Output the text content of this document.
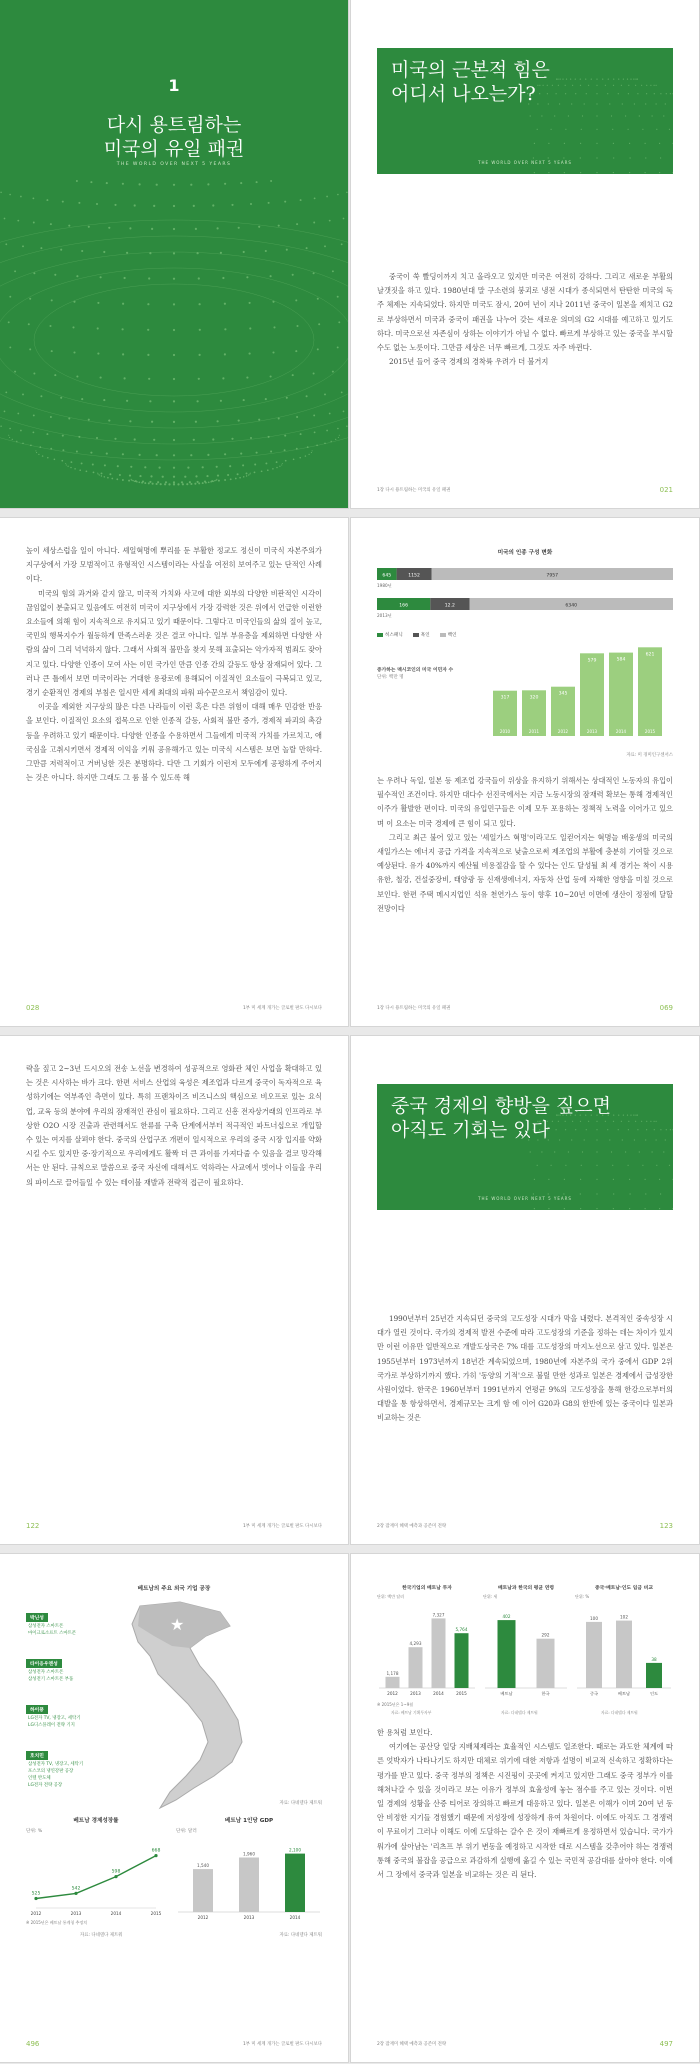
1
다시 용트림하는
미국의 유일 패권
THE WORLD OVER NEXT 5 YEARS
미국의 근본적 힘은
어디서 나오는가?
THE WORLD OVER NEXT 5 YEARS

중국이 쑥 빨딩이까지 치고 올라오고 있지만 미국은 여전히 강하다. 그리고 새로운 부활의 날갯짓을 하고 있다. 1980년대 말 구소련의 붕괴로 냉전 시대가 종식되면서 탄탄한 미국의 독주 체제는 지속되었다. 하지만 미국도 잠시, 20여 년이 지나 2011년 중국이 일본을 제치고 G2로 부상하면서 미국과 중국이 패권을 나누어 갖는 새로운 의미의 G2 시대를 예고하고 있기도 하다. 미국으로선 자존심이 상하는 이야기가 아닐 수 없다. 빠르게 부상하고 있는 중국을 부시할 수도 없는 노릇이다. 그만큼 세상은 너무 빠르게, 그것도 자주 바뀐다.

2015년 들어 중국 경제의 경착륙 우려가 더 불거지

1장 다시 용트림하는 미국의 유일 패권	021

높이 세상스럽을 일이 아니다. 셰일혁명에 뿌리를 둔 부활한 정교도 정신이 미국식 자본주의가 지구상에서 가장 모범적이고 유형적인 시스템이라는 사실을 여전히 보여주고 있는 단적인 사례이다.

미국의 힘의 과거와 같지 않고, 미국적 가치와 사고에 대한 외부의 다양한 비판적인 시각이 끊임없이 분출되고 있음에도 여전히 미국이 지구상에서 가장 강력한 것은 위에서 언급한 이런한 요소들에 의해 힘이 지속적으로 유지되고 있기 때문이다. 그렇다고 미국인들의 삶의 질이 높고, 국민의 행복지수가 월등하게 만족스러운 것은 결코 아니다. 일부 부유층을 제외하면 다양한 사람의 삶이 그리 넉넉하지 않다. 그래서 사회적 불만을 찾지 못해 표출되는 악가자적 범죄도 잦아지고 있다. 다양한 인종이 모여 사는 이민 국가인 만큼 인종 간의 갈등도 항상 잠재되어 있다. 그러나 큰 틀에서 보면 미국이라는 거대한 용광로에 용해되어 이질적인 요소들이 극복되고 있고, 경기 순환적인 경제의 부침은 일시만 세계 최대의 파워 파수꾼으로서 책임감이 있다.

이곳을 제외한 지구상의 많은 다른 나라들이 이런 혹은 다른 위험이 대해 매우 민감한 반응을 보인다. 이질적인 요소의 접목으로 인한 인종적 갈등, 사회적 불만 증가, 경제적 파괴의 촉감 등을 우려하고 있기 때문이다. 다양한 인종을 수용하면서 그들에게 미국적 가치를 가르치고, 애국심을 고취시키면서 경제적 이익을 키워 공유해가고 있는 미국식 시스템은 보면 놀랄 만하다. 그만큼 저력적이고 거버닝한 것은 분명하다. 다만 그 기회가 이런저 모두에게 공평하게 주어지는 것은 아니다. 하지만 그래도 그 룸 볼 수 있도록 해

028	1부 미 세계 개가는 글로벌 판도 다시보다
미국의 인종 구성 변화
645	1152	7957
1980년
166	12.2	6340
2013년
히스패닉	흑인	백인
증가하는 멕시코인의 미국 이민자 수
단위: 백만 명
317
2010
320
2011
345
2012
579
2013
584
2014
621
2015
자료: 미 경미인구센서스

는 우려나 독일, 일본 등 제조업 강국들이 위상을 유지하기 위해서는 상대적인 노동자의 유입이 필수적인 조건이다. 하지만 대다수 선진국에서는 지금 노동시장의 잠재력 확보는 통해 경제적인 이주가 활발한 편이다. 미국의 유입민구들은 이제 모두 포용하는 정책적 노력을 이어가고 있으며 이 요소는 미국 경제에 큰 힘이 되고 있다.

그리고 최근 불어 있고 있는 '셰일가스 혁명'이라고도 일컫어지는 혁명늘 배웅생의 미국의 새일가스는 에너지 공급 가격을 지속적으로 낮출으로써 제조업의 부활에 충분히 기여할 것으로 예상된다. 유가 40%까지 예산될 비용절감을 할 수 있다는 인도 달성될 최 세 경기는 착이 시용유한, 철강, 건설중장비, 태양광 등 신재생에너지, 자동차 산업 등에 자해한 영향을 미칠 것으로 보인다. 한편 주택 메시지업인 석유 천연가스 등이 향후 10~20년 이면에 생산이 정점에 달할 전망이다

1장 다시 용트림하는 미국의 유일 패권	069

략을 짚고 2~3년 드시오의 전송 노선을 변경하여 성공적으로 영화관 체인 사업을 확대하고 있는 것은 시사하는 바가 크다. 한편 서비스 산업의 육성은 제조업과 다르게 중국이 독자적으로 육성하기에는 역부족인 측면이 있다. 특히 프랜차이즈 비즈니스의 핵심으로 비오프로 있는 요식업, 교육 등의 분야에 우리의 잠재적인 관심이 필요하다. 그리고 신흥 전자상거래의 인프라로 부상한 O2O 시장 진출과 관련해서도 한류를 구축 단계에서부터 적극적인 파트너십으로 개입할 수 있는 여지를 살펴야 한다. 중국의 산업구조 개편이 일시적으로 우리의 중국 시장 입지를 약화시킬 수도 있지만 중·장기적으로 우리에게도 활짝 더 큰 과이를 가져다줄 수 있음을 결코 망각해서는 안 된다. 규칙으로 말씀으로 중국 자신에 대해서도 억하라는 사교에서 벗어나 이들을 우리의 파이스로 끌어들일 수 있는 테이블 재발과 전략적 접근이 필요하다.

122	1부 미 세계 개가는 글로벌 판도 다시보다
중국 경제의 향방을 짚으면
아직도 기회는 있다
THE WORLD OVER NEXT 5 YEARS

1990년부터 25년간 지속되던 중국의 고도성장 시대가 막을 내렸다. 본격적인 중속성장 시대가 열린 것이다. 국가의 경제적 발전 수준에 따라 고도성장의 기준을 정하는 데는 차이가 있지만 이런 이유만 일반적으로 개발도상국은 7% 대를 고도성장의 마지노선으로 삼고 있다. 일본은 1955년부터 1973년까지 18년간 계속되었으며, 1980년에 자본주의 국가 중에서 GDP 2위 국가로 부상하기까지 했다. 가히 '동양의 기적'으로 불릴 만한 성과로 일본은 경제에서 급성장한 사원이었다. 한국은 1960년부터 1991년까지 연평균 9%의 고도성장을 통해 한강으로부터의 대발을 통 항상하면서, 경제규모는 크게 함 에 이어 G20과 G8의 한반에 있는 중국이다 일본과 비교하는 것은

2장 잠재미 혜택 예측과 공존미 전략	123
베트남의 주요 외국 기업 공장
★
박닌성
삼성전자 스마트폰
마이크로소프트 스마트폰
타이응우옌성
삼성전자 스마트폰
삼성전기 스마트폰 부품
하이퐁
LG전자 TV, 냉장고, 세탁기
LG디스플레이 전략 기지
호치민
삼성전자 TV, 냉장고, 세탁기
포스코의 냉연강판 공장
인텔 반도체
LG전자 전략 공장
자료: 다네델다 제트워
베트남 경제성장률
단위: %
525
2012
542
2013
598
2014
668
2015
※ 2015년은 베트남 통계청 추정치
자료: 다네델다 제트워
베트남 1인당 GDP
단위: 달러
1,540
2012
1,960
2013
2,100
2014
자료: 다네델다 제트워
496	1부 미 세계 개가는 글로벌 판도 다시보다
한국기업의 베트남 투자
단위: 백만 달러
1,178
2012
4,293
2013
7,327
2014
5,764
2015
※ 2015년은 1~9월
자료: 베트남 기획투자부
베트남과 한국의 평균 연령
단위: 세
402
베트남
292
한국
자료: 다네델다 제트워
중국·베트남·인도 임금 비교
단위: %
100
중국
102
베트남
38
인도
자료: 다네델다 제트워

한 용처럼 보인다.

여기에는 공산당 일당 지배체제라는 효율적인 시스템도 일조한다. 때로는 과도한 체계에 따른 엇박자가 나타나기도 하지만 대체로 위기에 대한 저항과 설명이 비교적 신속하고 정확하다는 평가를 받고 있다. 중국 정부의 정책은 시진핑이 곳곳에 켜지고 있지만 그래도 중국 정부가 이를 해쳐나갈 수 있을 것이라고 보는 이유가 정부의 효율성에 놓는 점수를 주고 있는 것이다. 이번 일 경제의 성황을 산증 티어로 장의하고 빠르게 대응하고 있다. 일본은 이해가 이며 20여 년 동안 비정한 지기들 경험했기 때문에 저성장에 성장하게 유여 차원이다. 이에도 아직도 그 경쟁력이 무료이기 그러나 이해도 이에 도달하는 갈수 은 것이 재빠르게 용정하면서 있습니다. 국가가 워가에 살아남는 '리츠프 부 위기 변동을 예정하고 시작한 대로 시스템을 갖추어야 하는 경쟁력 통해 중국의 불잡을 공급으로 과감하게 실행에 옮길 수 있는 국민적 공감대를 살아야 한다. 이에서 그 장에서 중국과 일본을 비교하는 것은 리 된다.

2장 잠재미 혜택 예측과 공존미 전략	497
